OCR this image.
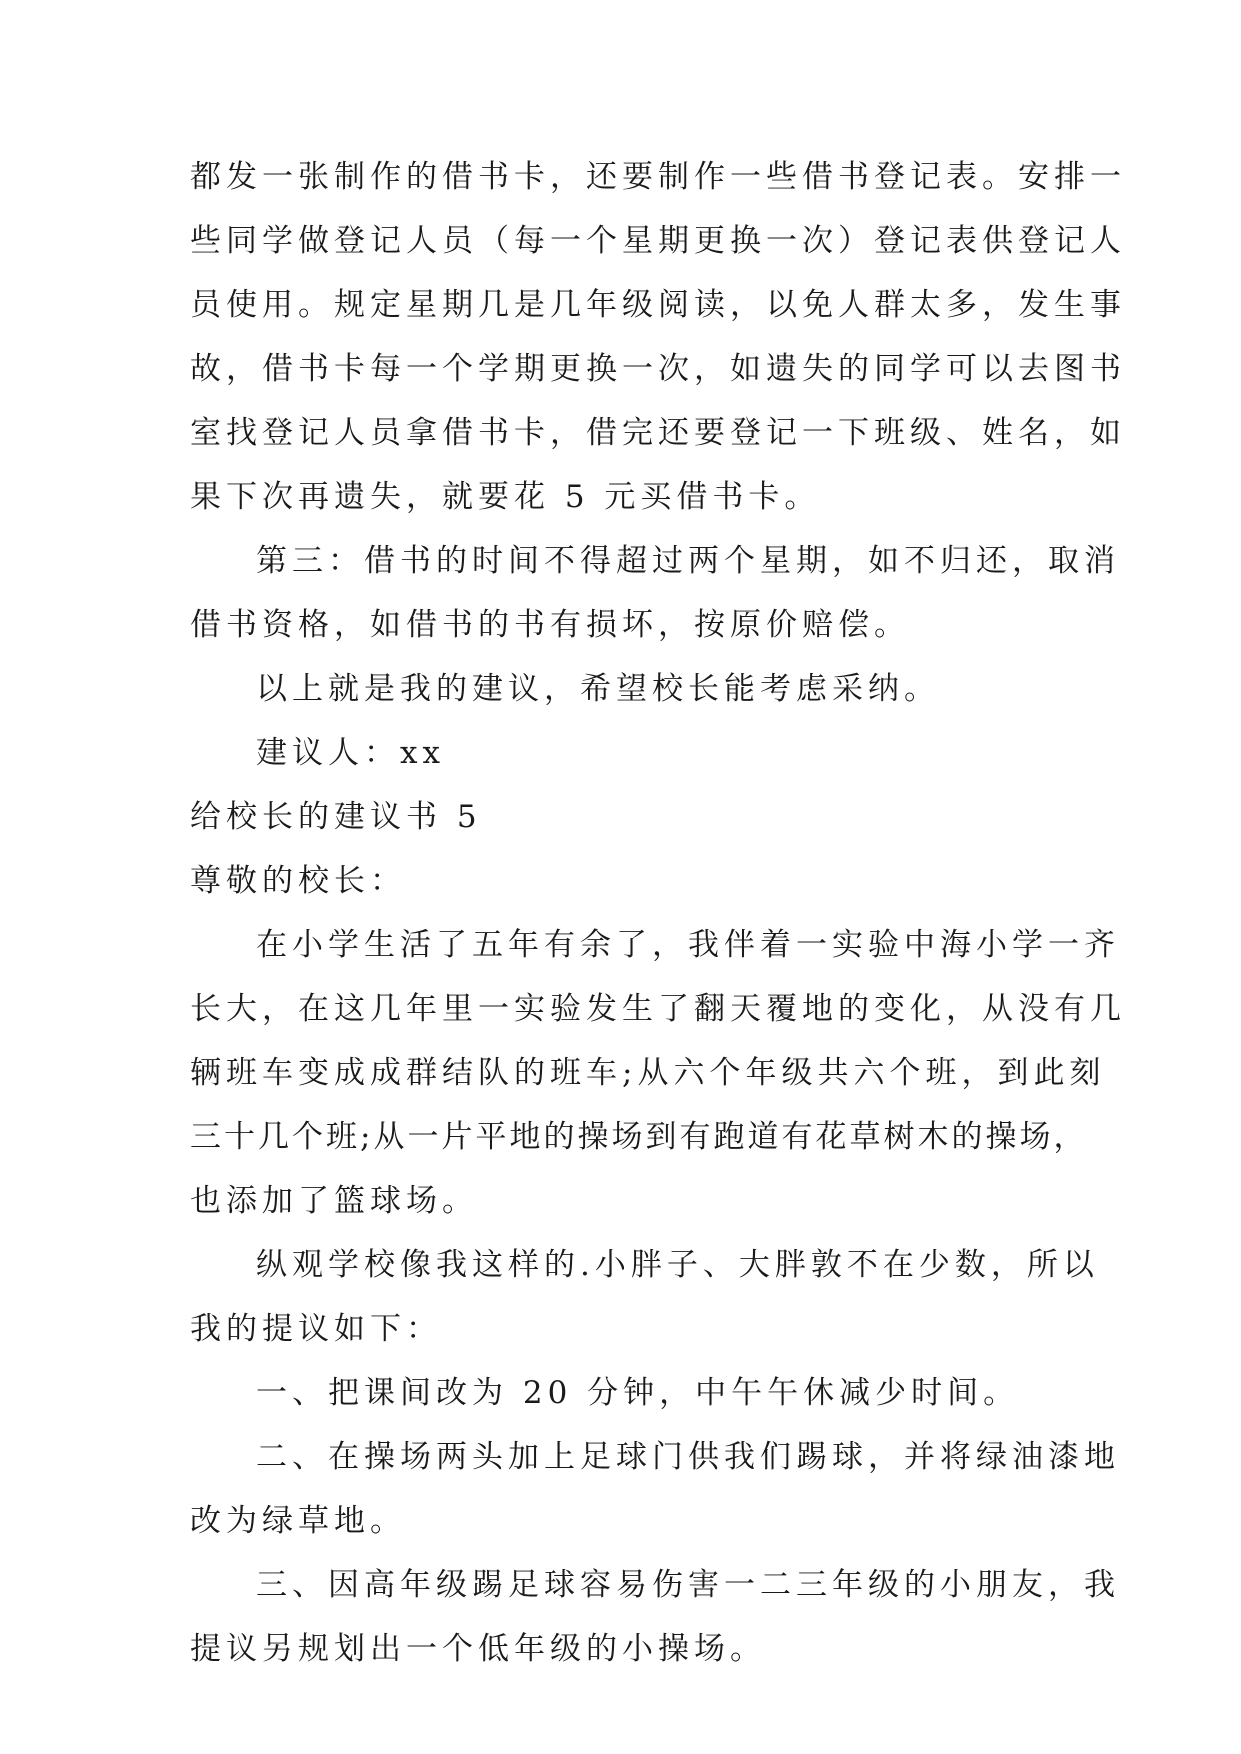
都发一张制作的借书卡，还要制作一些借书登记表。安排一
些同学做登记人员（每一个星期更换一次）登记表供登记人
员使用。规定星期几是几年级阅读，以免人群太多，发生事
故，借书卡每一个学期更换一次，如遗失的同学可以去图书
室找登记人员拿借书卡，借完还要登记一下班级、姓名，如
果下次再遗失，就要花 5 元买借书卡。
第三：借书的时间不得超过两个星期，如不归还，取消
借书资格，如借书的书有损坏，按原价赔偿。
以上就是我的建议，希望校长能考虑采纳。
建议人：xx
给校长的建议书 5
尊敬的校长：
在小学生活了五年有余了，我伴着一实验中海小学一齐
长大，在这几年里一实验发生了翻天覆地的变化，从没有几
辆班车变成成群结队的班车;从六个年级共六个班，到此刻
三十几个班;从一片平地的操场到有跑道有花草树木的操场，
也添加了篮球场。
纵观学校像我这样的.小胖子、大胖敦不在少数，所以
我的提议如下：
一、把课间改为 20 分钟，中午午休减少时间。
二、在操场两头加上足球门供我们踢球，并将绿油漆地
改为绿草地。
三、因高年级踢足球容易伤害一二三年级的小朋友，我
提议另规划出一个低年级的小操场。
